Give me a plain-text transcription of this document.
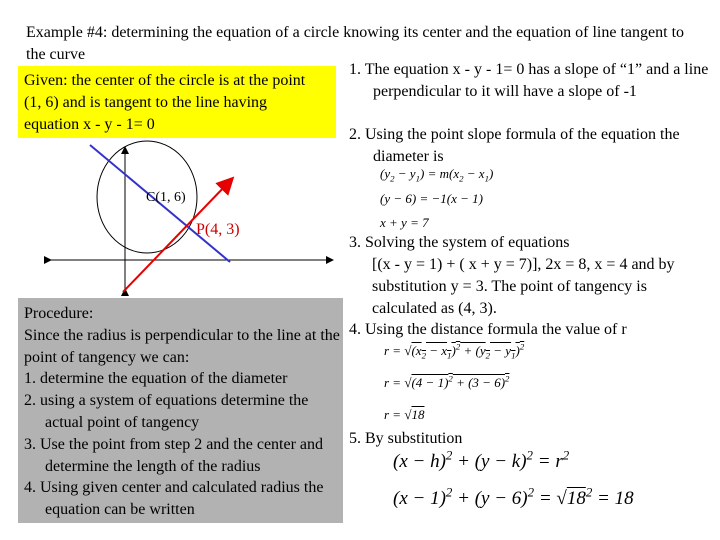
Example #4: determining the equation of a circle knowing its center and the equation of line tangent to the curve
Given: the center of the circle is at the point (1, 6) and is tangent to the line having equation x - y - 1= 0
C(1, 6)
P(4, 3)
Procedure:
Since the radius is perpendicular to the line at the point of tangency we can:
1. determine the equation of the diameter
2. using a system of equations determine the actual point of tangency
3. Use the point from step 2 and the center and determine the length of the radius
4. Using given center and calculated radius the equation can be written
1. The equation x - y - 1= 0 has a slope of “1” and a line perpendicular to it will have a slope of -1
2. Using the point slope formula of the equation the diameter is
$(y_2 - y_1) = m(x_2 - x_1)$
(y − 6) = −1(x − 1)
x + y = 7
3. Solving the system of equations
[(x - y = 1) + ( x + y = 7)], 2x = 8, x = 4 and by substitution y = 3. The point of tangency is calculated as (4, 3).
4. Using the distance formula the value of r
$r = √(x_2 - x_1)^2 + (y_2 - y_1)^2$
$r = √(4 - 1)^2 + (3 - 6)^2$
r = √18
5. By substitution
$(x - h)^2 + (y - k)^2 = r^2$
$(x - 1)^2 + (y - 6)^2 = √18^2 = 18$
